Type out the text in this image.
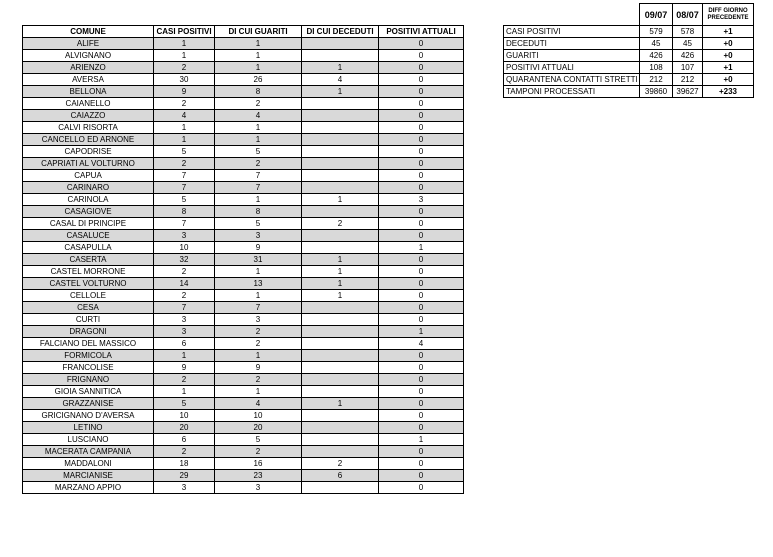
COMUNE	CASI POSITIVI	DI CUI GUARITI	DI CUI DECEDUTI	POSITIVI ATTUALI
ALIFE	1	1		0
ALVIGNANO	1	1		0
ARIENZO	2	1	1	0
AVERSA	30	26	4	0
BELLONA	9	8	1	0
CAIANELLO	2	2		0
CAIAZZO	4	4		0
CALVI RISORTA	1	1		0
CANCELLO ED ARNONE	1	1		0
CAPODRISE	5	5		0
CAPRIATI AL VOLTURNO	2	2		0
CAPUA	7	7		0
CARINARO	7	7		0
CARINOLA	5	1	1	3
CASAGIOVE	8	8		0
CASAL DI PRINCIPE	7	5	2	0
CASALUCE	3	3		0
CASAPULLA	10	9		1
CASERTA	32	31	1	0
CASTEL MORRONE	2	1	1	0
CASTEL VOLTURNO	14	13	1	0
CELLOLE	2	1	1	0
CESA	7	7		0
CURTI	3	3		0
DRAGONI	3	2		1
FALCIANO DEL MASSICO	6	2		4
FORMICOLA	1	1		0
FRANCOLISE	9	9		0
FRIGNANO	2	2		0
GIOIA SANNITICA	1	1		0
GRAZZANISE	5	4	1	0
GRICIGNANO D'AVERSA	10	10		0
LETINO	20	20		0
LUSCIANO	6	5		1
MACERATA CAMPANIA	2	2		0
MADDALONI	18	16	2	0
MARCIANISE	29	23	6	0
MARZANO APPIO	3	3		0
	09/07	08/07	DIFF GIORNO PRECEDENTE
CASI POSITIVI	579	578	+1
DECEDUTI	45	45	+0
GUARITI	426	426	+0
POSITIVI ATTUALI	108	107	+1
QUARANTENA CONTATTI STRETTI	212	212	+0
TAMPONI PROCESSATI	39860	39627	+233
